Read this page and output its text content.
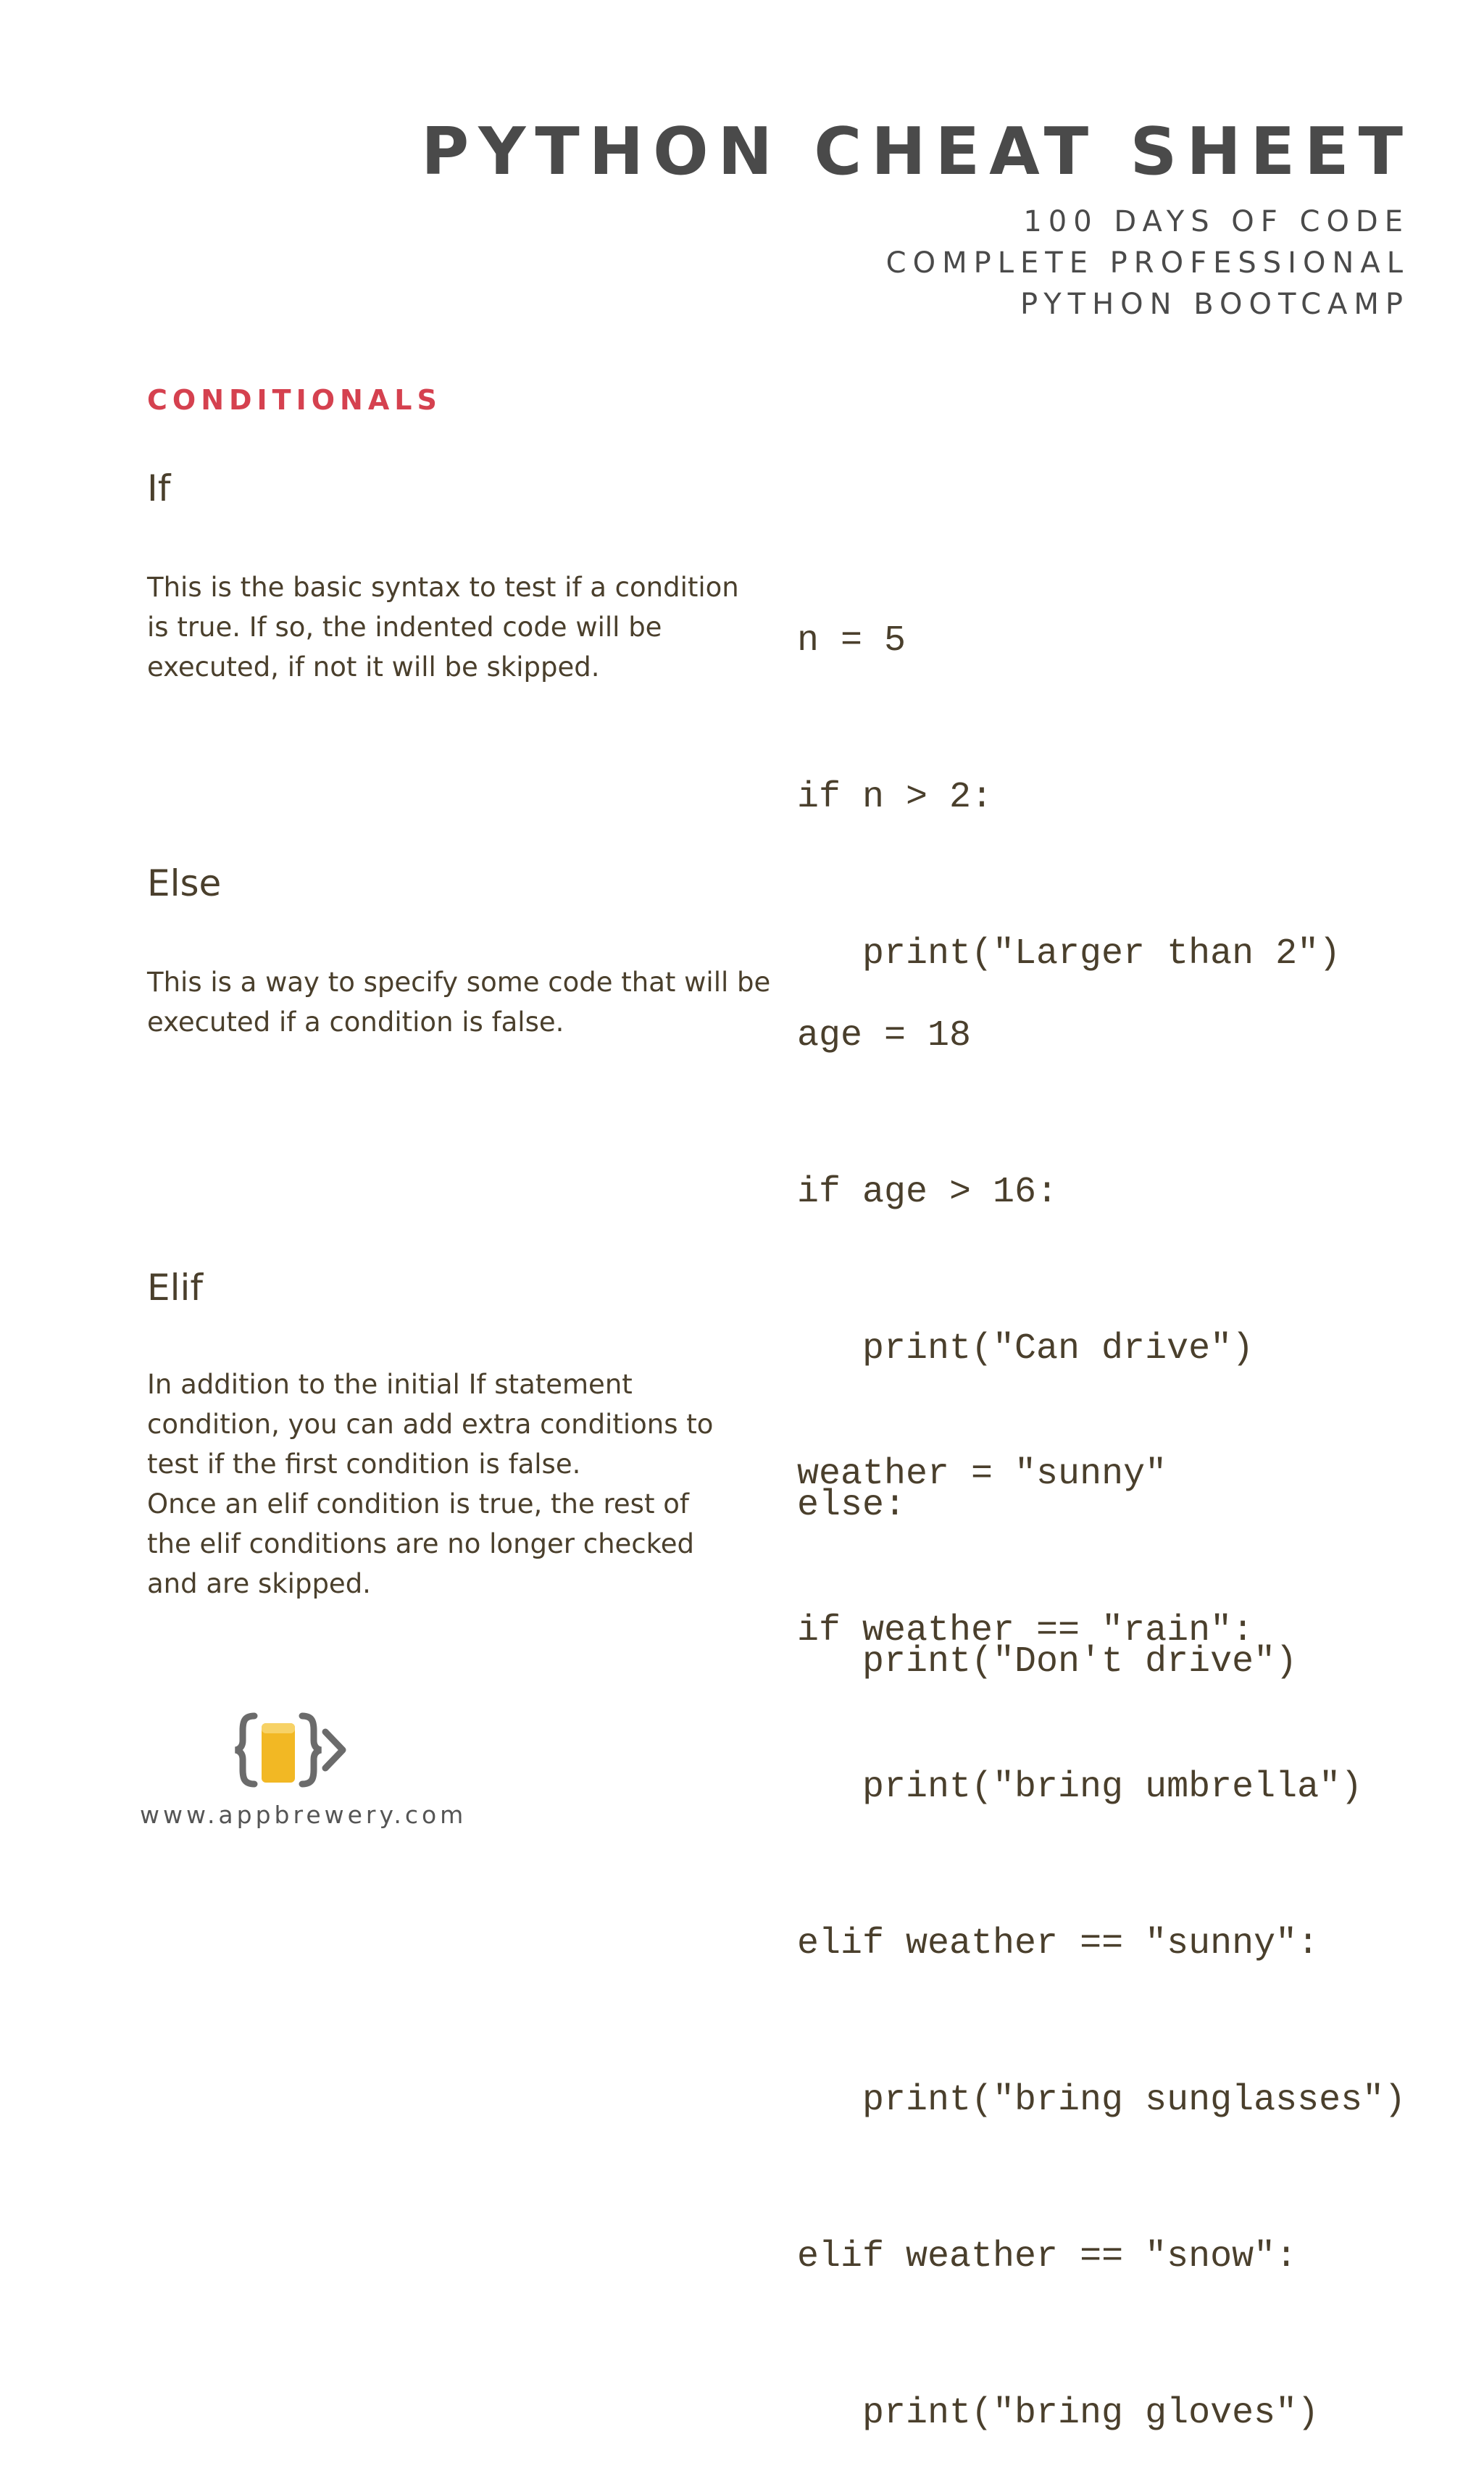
PYTHON CHEAT SHEET
100 DAYS OF CODE
COMPLETE PROFESSIONAL
PYTHON BOOTCAMP
CONDITIONALS
If
This is the basic syntax to test if a condition
is true. If so, the indented code will be
executed, if not it will be skipped.

n = 5

if n > 2:

print("Larger than 2")

Else
This is a way to specify some code that will be
executed if a condition is false.

	age = 18

if age > 16:

print("Can drive")

else:

print("Don't drive")

Elif
In addition to the initial If statement
condition, you can add extra conditions to
test if the first condition is false.
Once an elif condition is true, the rest of
the elif conditions are no longer checked
and are skipped.

weather = "sunny"

if weather == "rain":

print("bring umbrella")

elif weather == "sunny":

print("bring sunglasses")

elif weather == "snow":

print("bring gloves")

www.appbrewery.com
